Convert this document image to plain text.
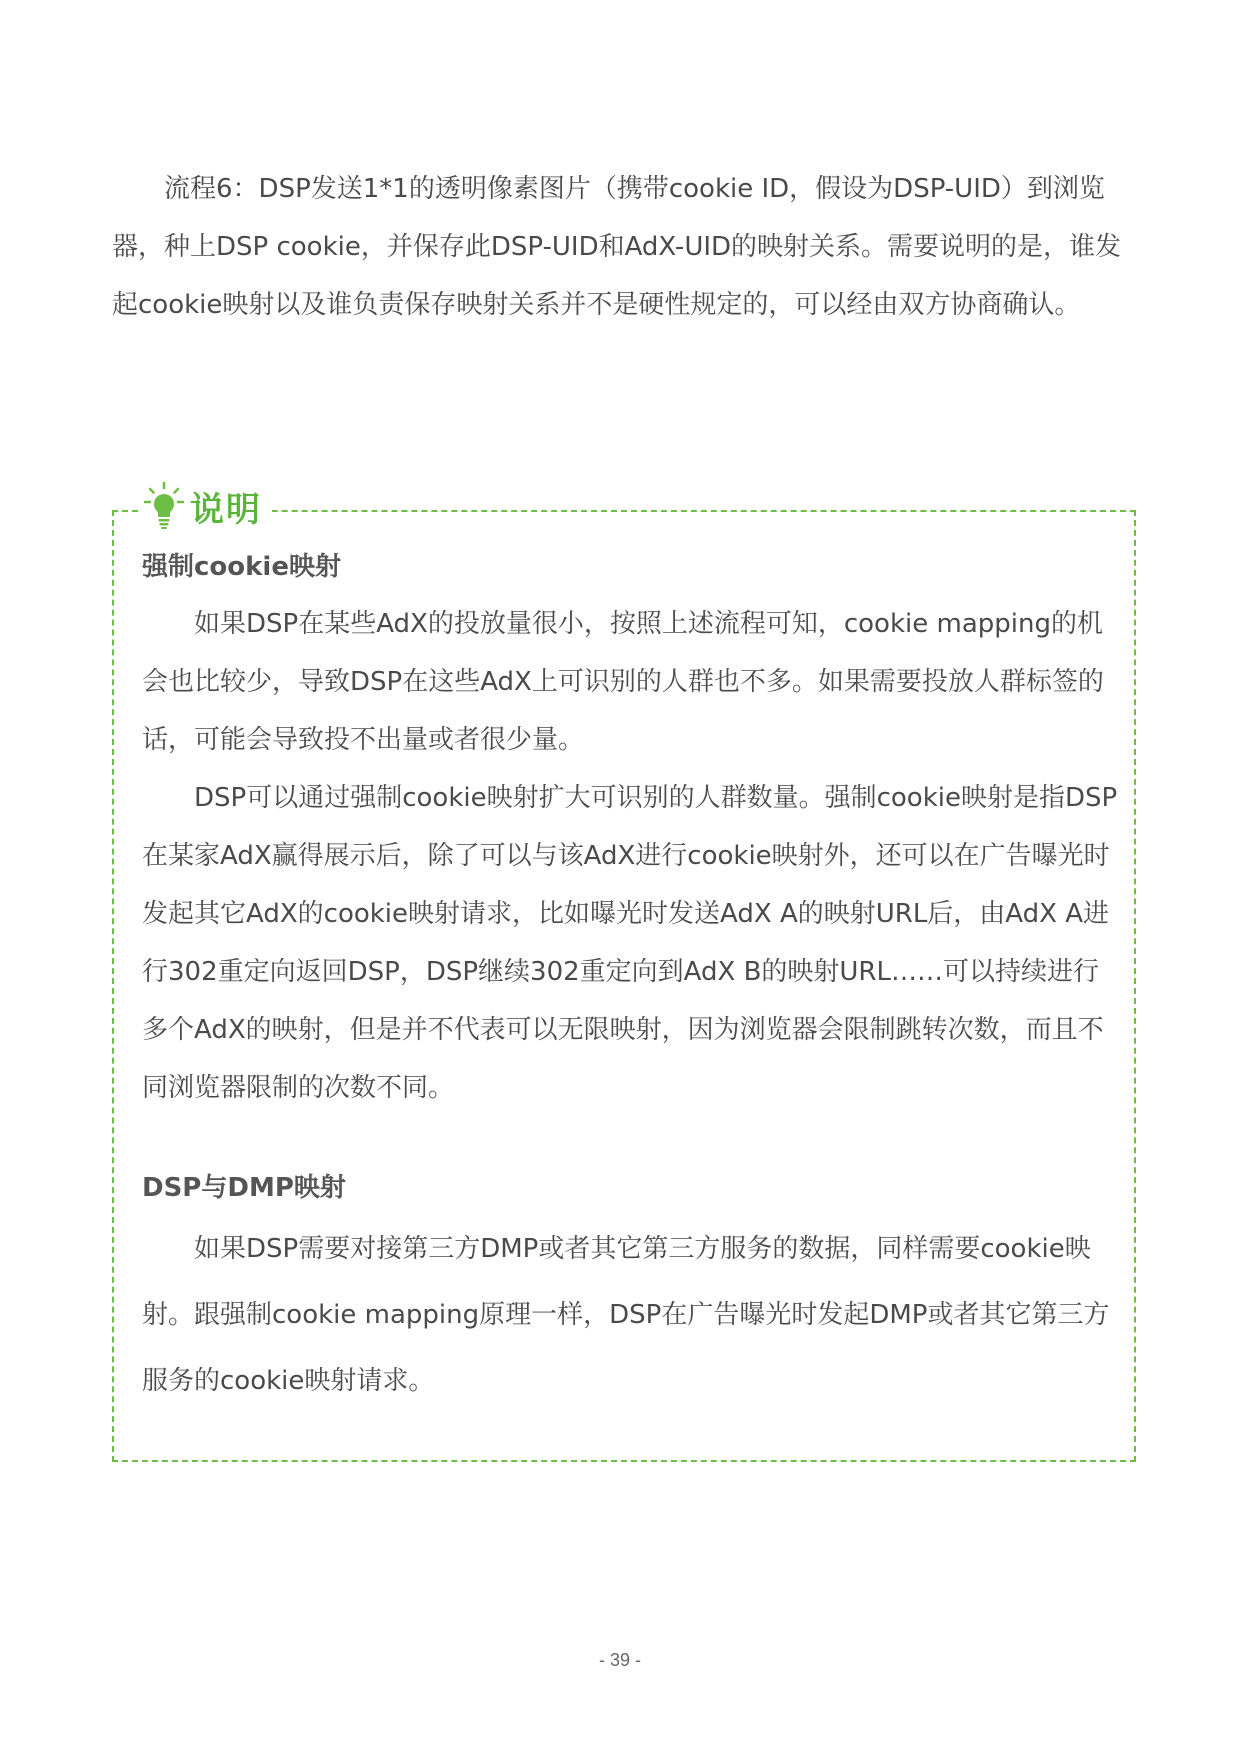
流程6：DSP发送1*1的透明像素图片（携带cookie ID，假设为DSP-UID）到浏览器，种上DSP cookie，并保存此DSP-UID和AdX-UID的映射关系。需要说明的是，谁发起cookie映射以及谁负责保存映射关系并不是硬性规定的，可以经由双方协商确认。

说明
强制cookie映射

如果DSP在某些AdX的投放量很小，按照上述流程可知，cookie mapping的机会也比较少，导致DSP在这些AdX上可识别的人群也不多。如果需要投放人群标签的话，可能会导致投不出量或者很少量。

DSP可以通过强制cookie映射扩大可识别的人群数量。强制cookie映射是指DSP在某家AdX赢得展示后，除了可以与该AdX进行cookie映射外，还可以在广告曝光时发起其它AdX的cookie映射请求，比如曝光时发送AdX A的映射URL后，由AdX A进行302重定向返回DSP，DSP继续302重定向到AdX B的映射URL……可以持续进行多个AdX的映射，但是并不代表可以无限映射，因为浏览器会限制跳转次数，而且不同浏览器限制的次数不同。

DSP与DMP映射

如果DSP需要对接第三方DMP或者其它第三方服务的数据，同样需要cookie映射。跟强制cookie mapping原理一样，DSP在广告曝光时发起DMP或者其它第三方服务的cookie映射请求。

- 39 -
